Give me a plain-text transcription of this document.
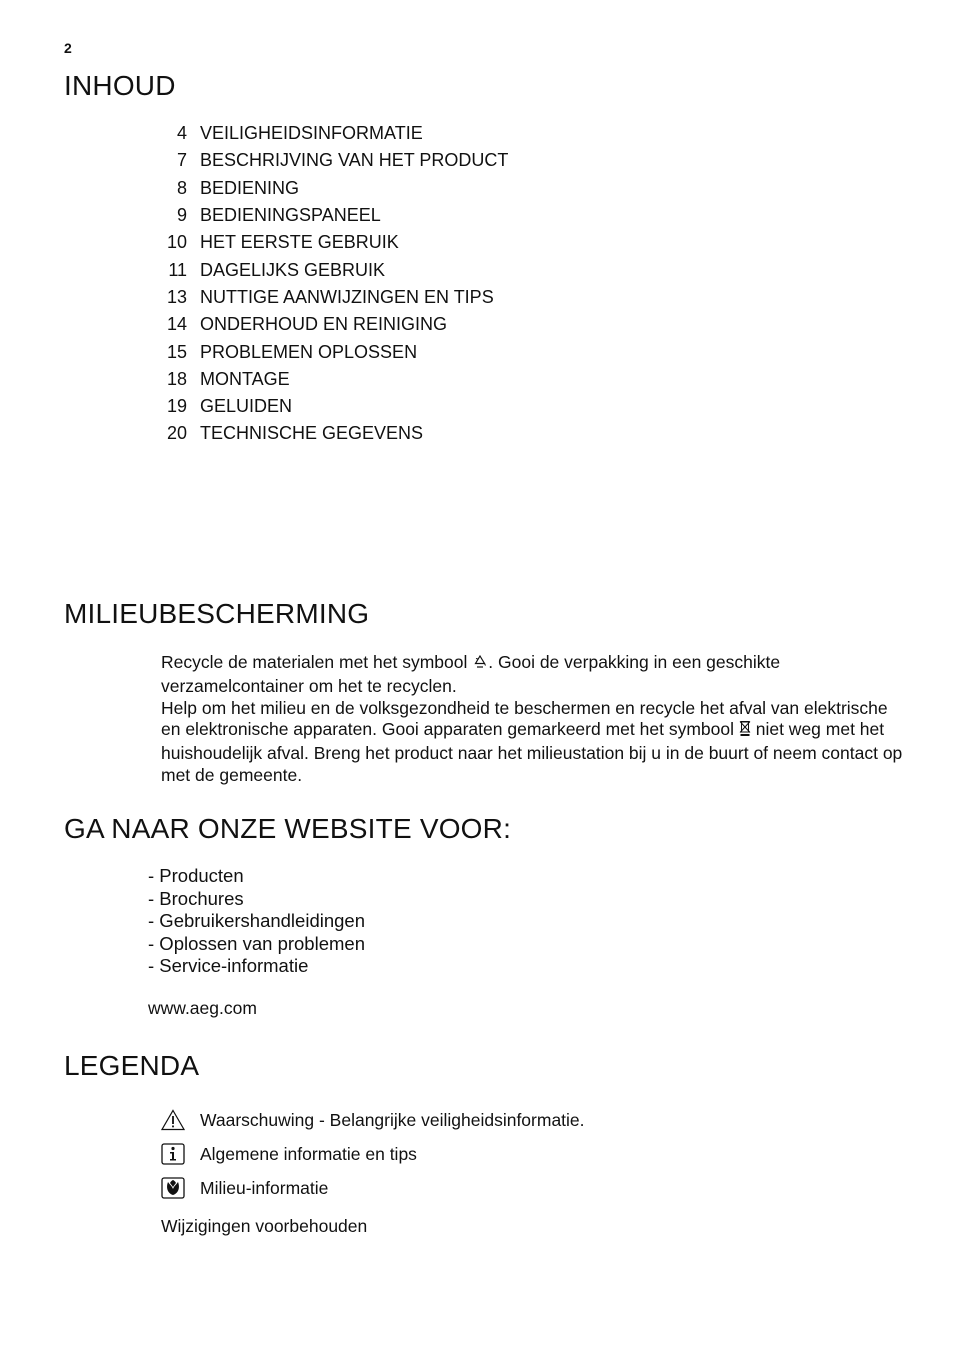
2
INHOUD
4 VEILIGHEIDSINFORMATIE
7 BESCHRIJVING VAN HET PRODUCT
8 BEDIENING
9 BEDIENINGSPANEEL
10 HET EERSTE GEBRUIK
11 DAGELIJKS GEBRUIK
13 NUTTIGE AANWIJZINGEN EN TIPS
14 ONDERHOUD EN REINIGING
15 PROBLEMEN OPLOSSEN
18 MONTAGE
19 GELUIDEN
20 TECHNISCHE GEGEVENS
MILIEUBESCHERMING

Recycle de materialen met het symbool . Gooi de verpakking in een geschikte verzamelcontainer om het te recyclen.

Help om het milieu en de volksgezondheid te beschermen en recycle het afval van elektrische en elektronische apparaten. Gooi apparaten gemarkeerd met het symbool niet weg met het huishoudelijk afval. Breng het product naar het milieustation bij u in de buurt of neem contact op met de gemeente.

GA NAAR ONZE WEBSITE VOOR:
- Producten
- Brochures
- Gebruikershandleidingen
- Oplossen van problemen
- Service-informatie
www.aeg.com
LEGENDA
Waarschuwing - Belangrijke veiligheidsinformatie.
Algemene informatie en tips
Milieu-informatie
Wijzigingen voorbehouden
